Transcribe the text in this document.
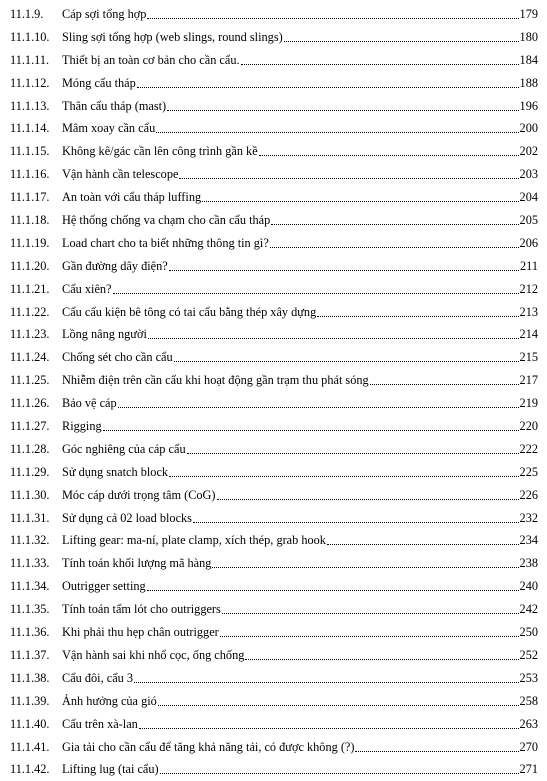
11.1.9. Cáp sợi tổng hợp	179
11.1.10. Sling sợi tổng hợp (web slings, round slings)	180
11.1.11. Thiết bị an toàn cơ bản cho cần cẩu.	184
11.1.12. Móng cẩu tháp	188
11.1.13. Thân cẩu tháp (mast)	196
11.1.14. Mâm xoay cần cẩu	200
11.1.15. Không kê/gác cần lên công trình gần kề	202
11.1.16. Vận hành cần telescope	203
11.1.17. An toàn với cẩu tháp luffing	204
11.1.18. Hệ thống chống va chạm cho cần cẩu tháp	205
11.1.19. Load chart cho ta biết những thông tin gì?	206
11.1.20. Gần đường dây điện?	211
11.1.21. Cẩu xiên?	212
11.1.22. Cẩu cấu kiện bê tông có tai cẩu bằng thép xây dựng	213
11.1.23. Lồng nâng người	214
11.1.24. Chống sét cho cần cẩu	215
11.1.25. Nhiễm điện trên cần cẩu khi hoạt động gần trạm thu phát sóng	217
11.1.26. Bảo vệ cáp	219
11.1.27. Rigging	220
11.1.28. Góc nghiêng của cáp cẩu	222
11.1.29. Sử dụng snatch block	225
11.1.30. Móc cáp dưới trọng tâm (CoG)	226
11.1.31. Sử dụng cả 02 load blocks	232
11.1.32. Lifting gear: ma-ní, plate clamp, xích thép, grab hook	234
11.1.33. Tính toán khối lượng mã hàng	238
11.1.34. Outrigger setting	240
11.1.35. Tính toán tấm lót cho outriggers	242
11.1.36. Khi phải thu hẹp chân outrigger	250
11.1.37. Vận hành sai khi nhổ cọc, ống chống	252
11.1.38. Cẩu đôi, cẩu 3	253
11.1.39. Ảnh hưởng của gió	258
11.1.40. Cẩu trên xà-lan	263
11.1.41. Gia tải cho cần cẩu để tăng khả năng tải, có được không (?)	270
11.1.42. Lifting lug (tai cẩu)	271
